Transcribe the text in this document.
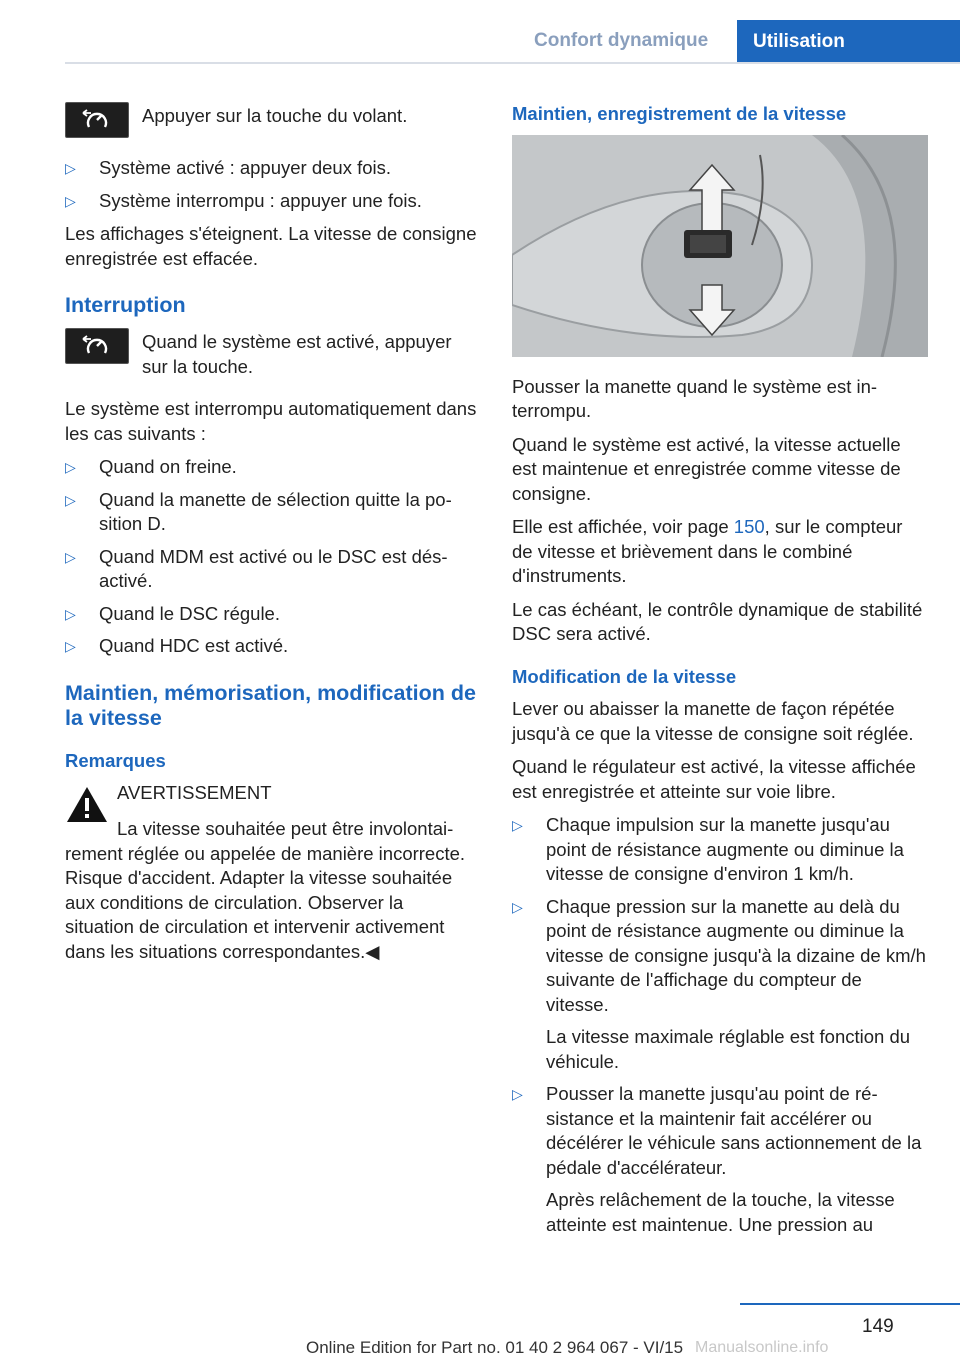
Confort dynamique	Utilisation
Appuyer sur la touche du volant.
▷ Système activé : appuyer deux fois.
▷ Système interrompu : appuyer une fois.

Les affichages s'éteignent. La vitesse de consigne enregistrée est effacée.

Interruption
Quand le système est activé, appuyer sur la touche.

Le système est interrompu automatiquement dans les cas suivants :

▷ Quand on freine.
▷ Quand la manette de sélection quitte la position D.
▷ Quand MDM est activé ou le DSC est désactivé.
▷ Quand le DSC régule.
▷ Quand HDC est activé.
Maintien, mémorisation, modification de la vitesse
Remarques
AVERTISSEMENT

La vitesse souhaitée peut être involontairement réglée ou appelée de manière incorrecte. Risque d'accident. Adapter la vitesse souhaitée aux conditions de circulation. Observer la situation de circulation et intervenir activement dans les situations correspondantes.◀

Maintien, enregistrement de la vitesse

Pousser la manette quand le système est interrompu.

Quand le système est activé, la vitesse actuelle est maintenue et enregistrée comme vitesse de consigne.

Elle est affichée, voir page 150, sur le compteur de vitesse et brièvement dans le combiné d'instruments.

Le cas échéant, le contrôle dynamique de stabilité DSC sera activé.

Modification de la vitesse

Lever ou abaisser la manette de façon répétée jusqu'à ce que la vitesse de consigne soit réglée.

Quand le régulateur est activé, la vitesse affichée est enregistrée et atteinte sur voie libre.

▷ Chaque impulsion sur la manette jusqu'au point de résistance augmente ou diminue la vitesse de consigne d'environ 1 km/h.

▷ Chaque pression sur la manette au delà du point de résistance augmente ou diminue la vitesse de consigne jusqu'à la dizaine de km/h suivante de l'affichage du compteur de vitesse.

La vitesse maximale réglable est fonction du véhicule.

▷ Pousser la manette jusqu'au point de résistance et la maintenir fait accélérer ou décélérer le véhicule sans actionnement de la pédale d'accélérateur.

Après relâchement de la touche, la vitesse atteinte est maintenue. Une pression au

149
Online Edition for Part no. 01 40 2 964 067 - VI/15 Manualsonline.info
